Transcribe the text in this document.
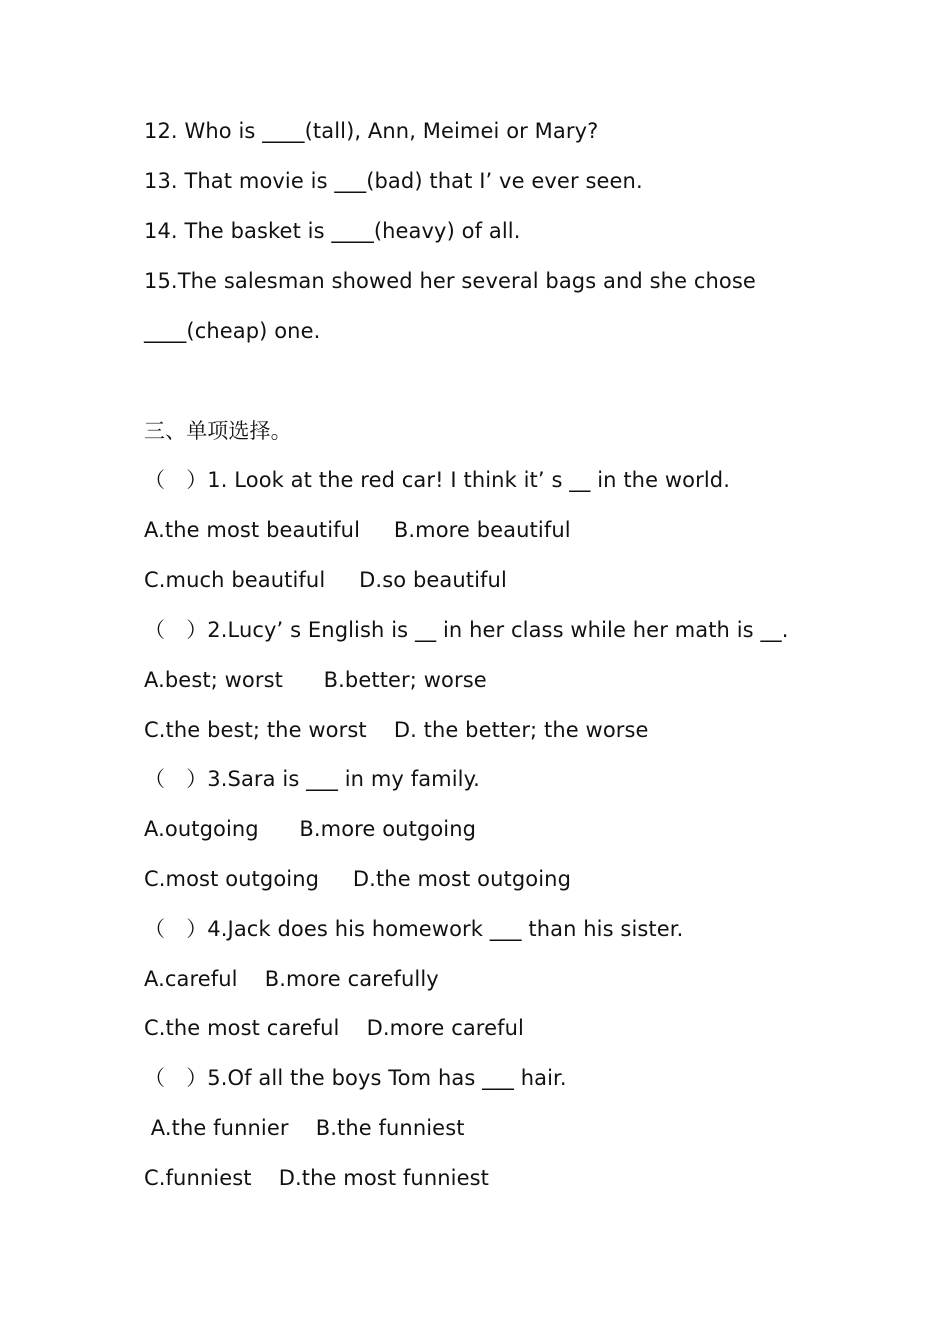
12. Who is ____(tall), Ann, Meimei or Mary?
13. That movie is ___(bad) that I’ ve ever seen.
14. The basket is ____(heavy) of all.
15.The salesman showed her several bags and she chose
____(cheap) one.
三、单项选择。
（　）1. Look at the red car! I think it’ s __ in the world.
A.the most beautiful     B.more beautiful
C.much beautiful     D.so beautiful
（　）2.Lucy’ s English is __ in her class while her math is __.
A.best; worst      B.better; worse
C.the best; the worst    D. the better; the worse
（　）3.Sara is ___ in my family.
A.outgoing      B.more outgoing
C.most outgoing     D.the most outgoing
（　）4.Jack does his homework ___ than his sister.
A.careful    B.more carefully
C.the most careful    D.more careful
（　）5.Of all the boys Tom has ___ hair.
A.the funnier    B.the funniest
C.funniest    D.the most funniest
